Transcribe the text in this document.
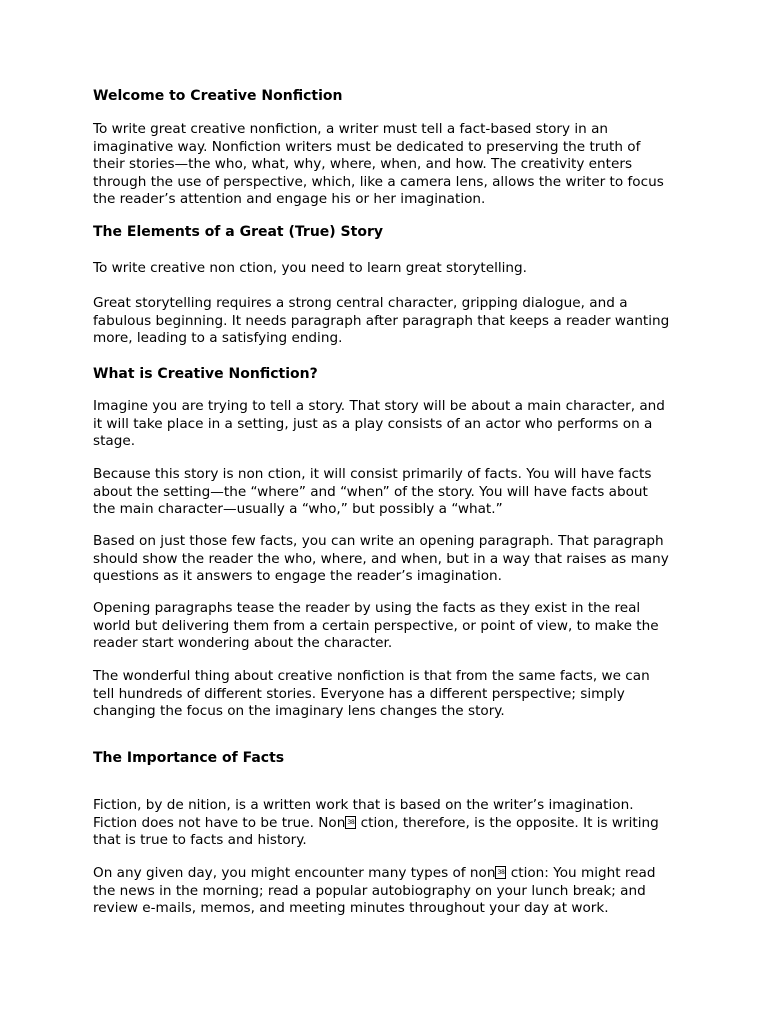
Welcome to Creative Nonfiction
To write great creative nonfiction, a writer must tell a fact-based story in an
imaginative way. Nonfiction writers must be dedicated to preserving the truth of
their stories—the who, what, why, where, when, and how. The creativity enters
through the use of perspective, which, like a camera lens, allows the writer to focus
the reader’s attention and engage his or her imagination.
The Elements of a Great (True) Story
To write creative non ction, you need to learn great storytelling.
Great storytelling requires a strong central character, gripping dialogue, and a
fabulous beginning. It needs paragraph after paragraph that keeps a reader wanting
more, leading to a satisfying ending.
What is Creative Nonfiction?
Imagine you are trying to tell a story. That story will be about a main character, and
it will take place in a setting, just as a play consists of an actor who performs on a
stage.
Because this story is non ction, it will consist primarily of facts. You will have facts
about the setting—the “where” and “when” of the story. You will have facts about
the main character—usually a “who,” but possibly a “what.”
Based on just those few facts, you can write an opening paragraph. That paragraph
should show the reader the who, where, and when, but in a way that raises as many
questions as it answers to engage the reader’s imagination.
Opening paragraphs tease the reader by using the facts as they exist in the real
world but delivering them from a certain perspective, or point of view, to make the
reader start wondering about the character.
The wonderful thing about creative nonfiction is that from the same facts, we can
tell hundreds of different stories. Everyone has a different perspective; simply
changing the focus on the imaginary lens changes the story.
The Importance of Facts
Fiction, by de nition, is a written work that is based on the writer’s imagination.
Fiction does not have to be true. Non 38 ction, therefore, is the opposite. It is writing
that is true to facts and history.
On any given day, you might encounter many types of non 38 ction: You might read
the news in the morning; read a popular autobiography on your lunch break; and
review e-mails, memos, and meeting minutes throughout your day at work.
